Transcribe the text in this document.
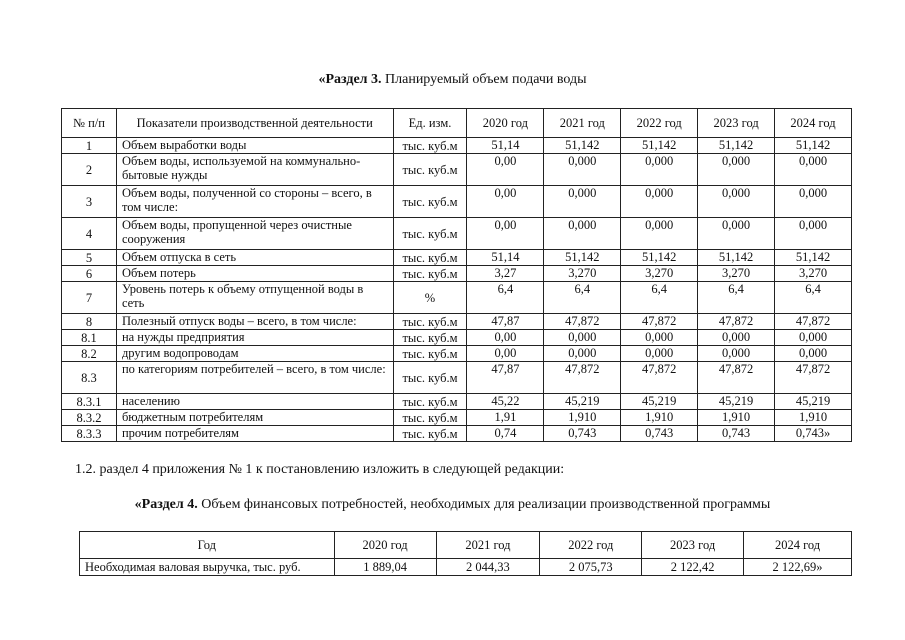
«Раздел 3. Планируемый объем подачи воды
№ п/п	Показатели производственной деятельности	Ед. изм.	2020 год	2021 год	2022 год	2023 год	2024 год
1	Объем выработки воды	тыс. куб.м	51,14	51,142	51,142	51,142	51,142
2	Объем воды, используемой на коммунально-бытовые нужды	тыс. куб.м	0,00	0,000	0,000	0,000	0,000
3	Объем воды, полученной со стороны – всего, в том числе:	тыс. куб.м	0,00	0,000	0,000	0,000	0,000
4	Объем воды, пропущенной через очистные сооружения	тыс. куб.м	0,00	0,000	0,000	0,000	0,000
5	Объем отпуска в сеть	тыс. куб.м	51,14	51,142	51,142	51,142	51,142
6	Объем потерь	тыс. куб.м	3,27	3,270	3,270	3,270	3,270
7	Уровень потерь к объему отпущенной воды в сеть	%	6,4	6,4	6,4	6,4	6,4
8	Полезный отпуск воды – всего, в том числе:	тыс. куб.м	47,87	47,872	47,872	47,872	47,872
8.1	на нужды предприятия	тыс. куб.м	0,00	0,000	0,000	0,000	0,000
8.2	другим водопроводам	тыс. куб.м	0,00	0,000	0,000	0,000	0,000
8.3	по категориям потребителей – всего, в том числе:	тыс. куб.м	47,87	47,872	47,872	47,872	47,872
8.3.1	населению	тыс. куб.м	45,22	45,219	45,219	45,219	45,219
8.3.2	бюджетным потребителям	тыс. куб.м	1,91	1,910	1,910	1,910	1,910
8.3.3	прочим потребителям	тыс. куб.м	0,74	0,743	0,743	0,743	0,743»
1.2. раздел 4 приложения № 1 к постановлению изложить в следующей редакции:
«Раздел 4. Объем финансовых потребностей, необходимых для реализации производственной программы
Год	2020 год	2021 год	2022 год	2023 год	2024 год
Необходимая валовая выручка, тыс. руб.	1 889,04	2 044,33	2 075,73	2 122,42	2 122,69»
